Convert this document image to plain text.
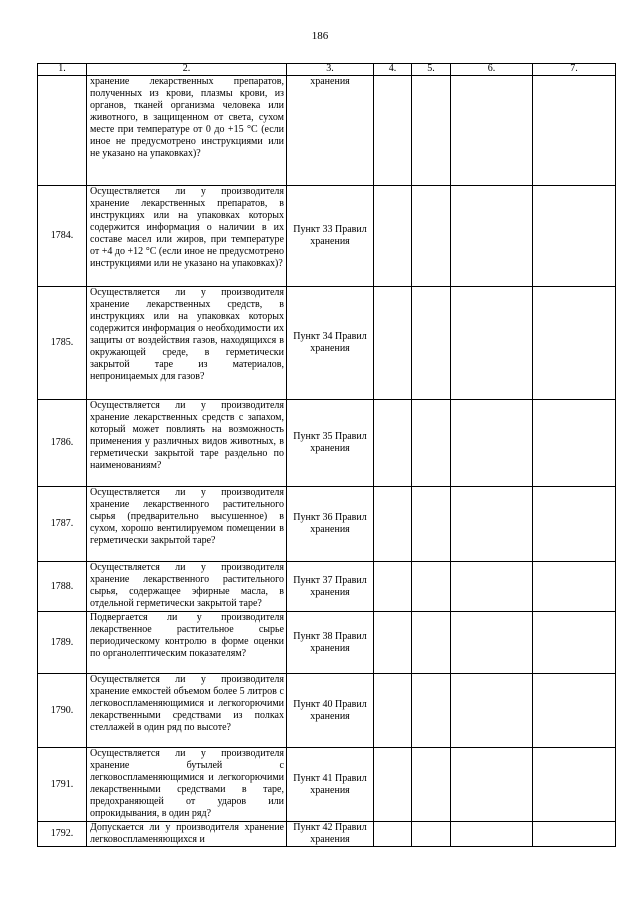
186
1.	2.	3.	4.	5.	6.	7.
	хранение лекарственных препаратов, полученных из крови, плазмы крови, из органов, тканей организма человека или животного, в защищенном от света, сухом месте при температуре от 0 до +15 °С (если иное не предусмотрено инструкциями или не указано на упаковках)?	хранения				
1784.	Осуществляется ли у производителя хранение лекарственных препаратов, в инструкциях или на упаковках которых содержится информация о наличии в их составе масел или жиров, при температуре от +4 до +12 °С (если иное не предусмотрено инструкциями или не указано на упаковках)?	Пункт 33 Правил хранения				
1785.	Осуществляется ли у производителя хранение лекарственных средств, в инструкциях или на упаковках которых содержится информация о необходимости их защиты от воздействия газов, находящихся в окружающей среде, в герметически закрытой таре из материалов, непроницаемых для газов?	Пункт 34 Правил хранения				
1786.	Осуществляется ли у производителя хранение лекарственных средств с запахом, который может повлиять на возможность применения у различных видов животных, в герметически закрытой таре раздельно по наименованиям?	Пункт 35 Правил хранения				
1787.	Осуществляется ли у производителя хранение лекарственного растительного сырья (предварительно высушенное) в сухом, хорошо вентилируемом помещении в герметически закрытой таре?	Пункт 36 Правил хранения				
1788.	Осуществляется ли у производителя хранение лекарственного растительного сырья, содержащее эфирные масла, в отдельной герметически закрытой таре?	Пункт 37 Правил хранения				
1789.	Подвергается ли у производителя лекарственное растительное сырье периодическому контролю в форме оценки по органолептическим показателям?	Пункт 38 Правил хранения				
1790.	Осуществляется ли у производителя хранение емкостей объемом более 5 литров с легковоспламеняющимися и легкогорючими лекарственными средствами из полках стеллажей в один ряд по высоте?	Пункт 40 Правил хранения				
1791.	Осуществляется ли у производителя хранение бутылей с легковоспламеняющимися и легкогорючими лекарственными средствами в таре, предохраняющей от ударов или опрокидывания, в один ряд?	Пункт 41 Правил хранения				
1792.	Допускается ли у производителя хранение легковоспламеняющихся и	Пункт 42 Правил хранения				
